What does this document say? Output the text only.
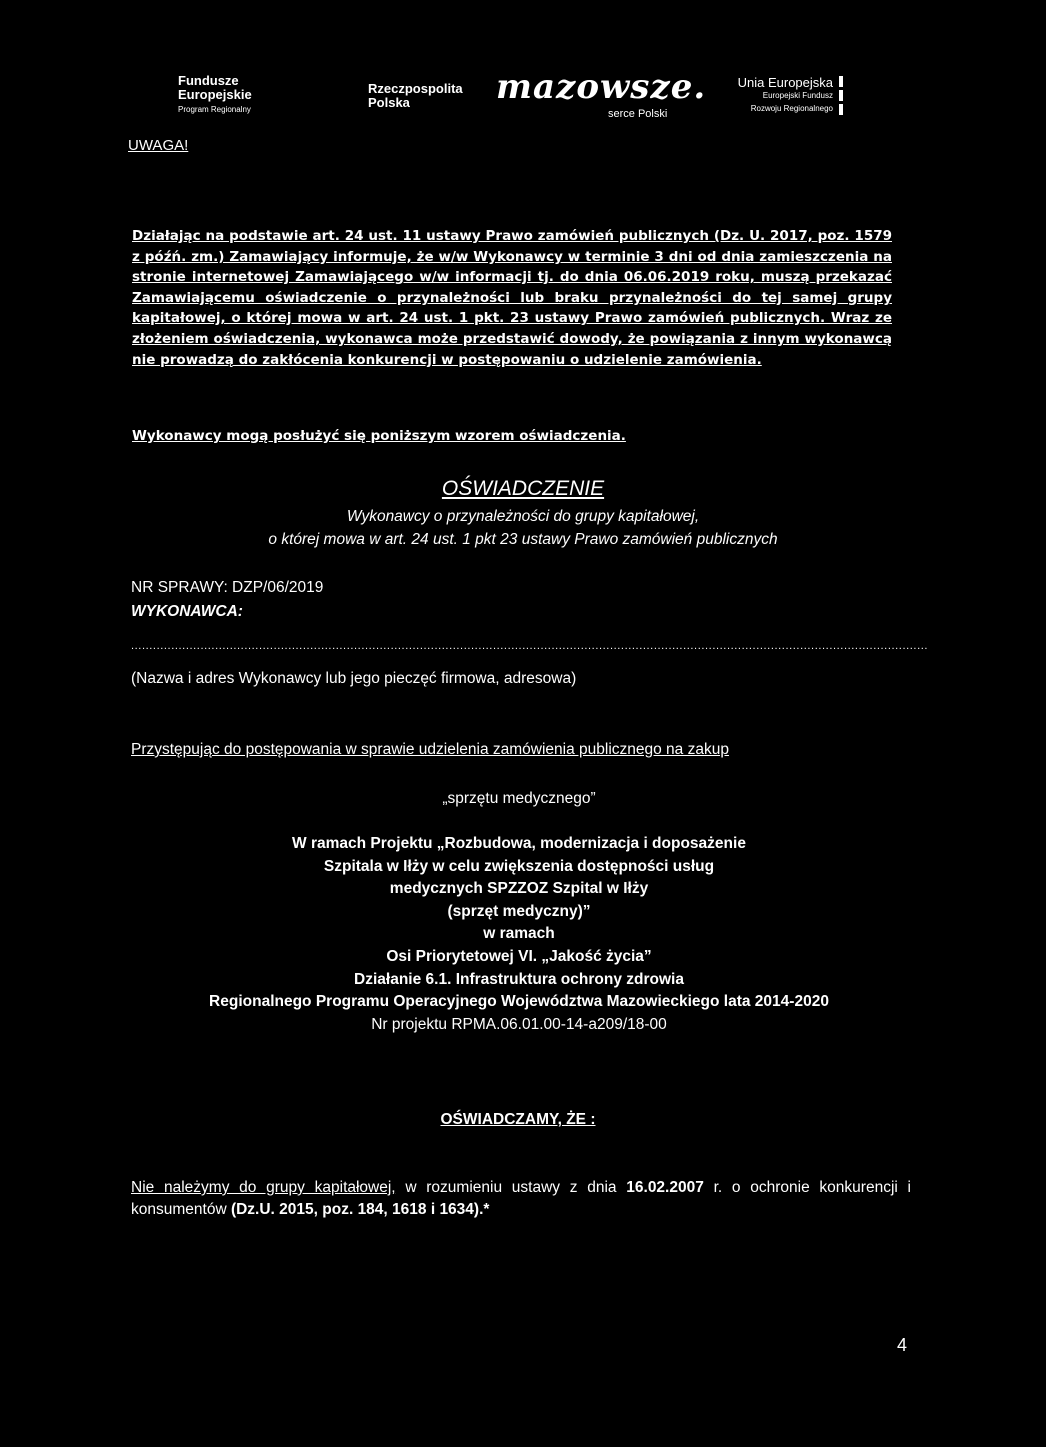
Fundusze
Europejskie
Program Regionalny
Rzeczpospolita
Polska	mazowsze.
serce Polski
Unia Europejska
Europejski Fundusz
Rozwoju Regionalnego
UWAGA!
Działając na podstawie art. 24 ust. 11 ustawy Prawo zamówień publicznych (Dz. U. 2017, poz. 1579 z późń. zm.) Zamawiający informuje, że w/w Wykonawcy w terminie 3 dni od dnia zamieszczenia na stronie internetowej Zamawiającego w/w informacji tj. do dnia 06.06.2019 roku, muszą przekazać Zamawiającemu oświadczenie o przynależności lub braku przynależności do tej samej grupy kapitałowej, o której mowa w art. 24 ust. 1 pkt. 23 ustawy Prawo zamówień publicznych. Wraz ze złożeniem oświadczenia, wykonawca może przedstawić dowody, że powiązania z innym wykonawcą nie prowadzą do zakłócenia konkurencji w postępowaniu o udzielenie zamówienia.
Wykonawcy mogą posłużyć się poniższym wzorem oświadczenia.
OŚWIADCZENIE
Wykonawcy o przynależności do grupy kapitałowej,
o której mowa w art. 24 ust. 1 pkt 23 ustawy Prawo zamówień publicznych
NR SPRAWY: DZP/06/2019
WYKONAWCA:
..........................................................................................................................................................................................................................
(Nazwa i adres Wykonawcy lub jego pieczęć firmowa, adresowa)
Przystępując do postępowania w sprawie udzielenia zamówienia publicznego na zakup
„sprzętu medycznego”
W ramach Projektu „Rozbudowa, modernizacja i doposażenie
Szpitala w Iłży w celu zwiększenia dostępności usług
medycznych SPZZOZ Szpital w Iłży
(sprzęt medyczny)”
w ramach
Osi Priorytetowej VI. „Jakość życia”
Działanie 6.1. Infrastruktura ochrony zdrowia
Regionalnego Programu Operacyjnego Województwa Mazowieckiego lata 2014-2020
Nr projektu RPMA.06.01.00-14-a209/18-00
OŚWIADCZAMY, ŻE :
Nie należymy do grupy kapitałowej, w rozumieniu ustawy z dnia 16.02.2007 r. o ochronie konkurencji i konsumentów (Dz.U. 2015, poz. 184, 1618 i 1634).*
4
